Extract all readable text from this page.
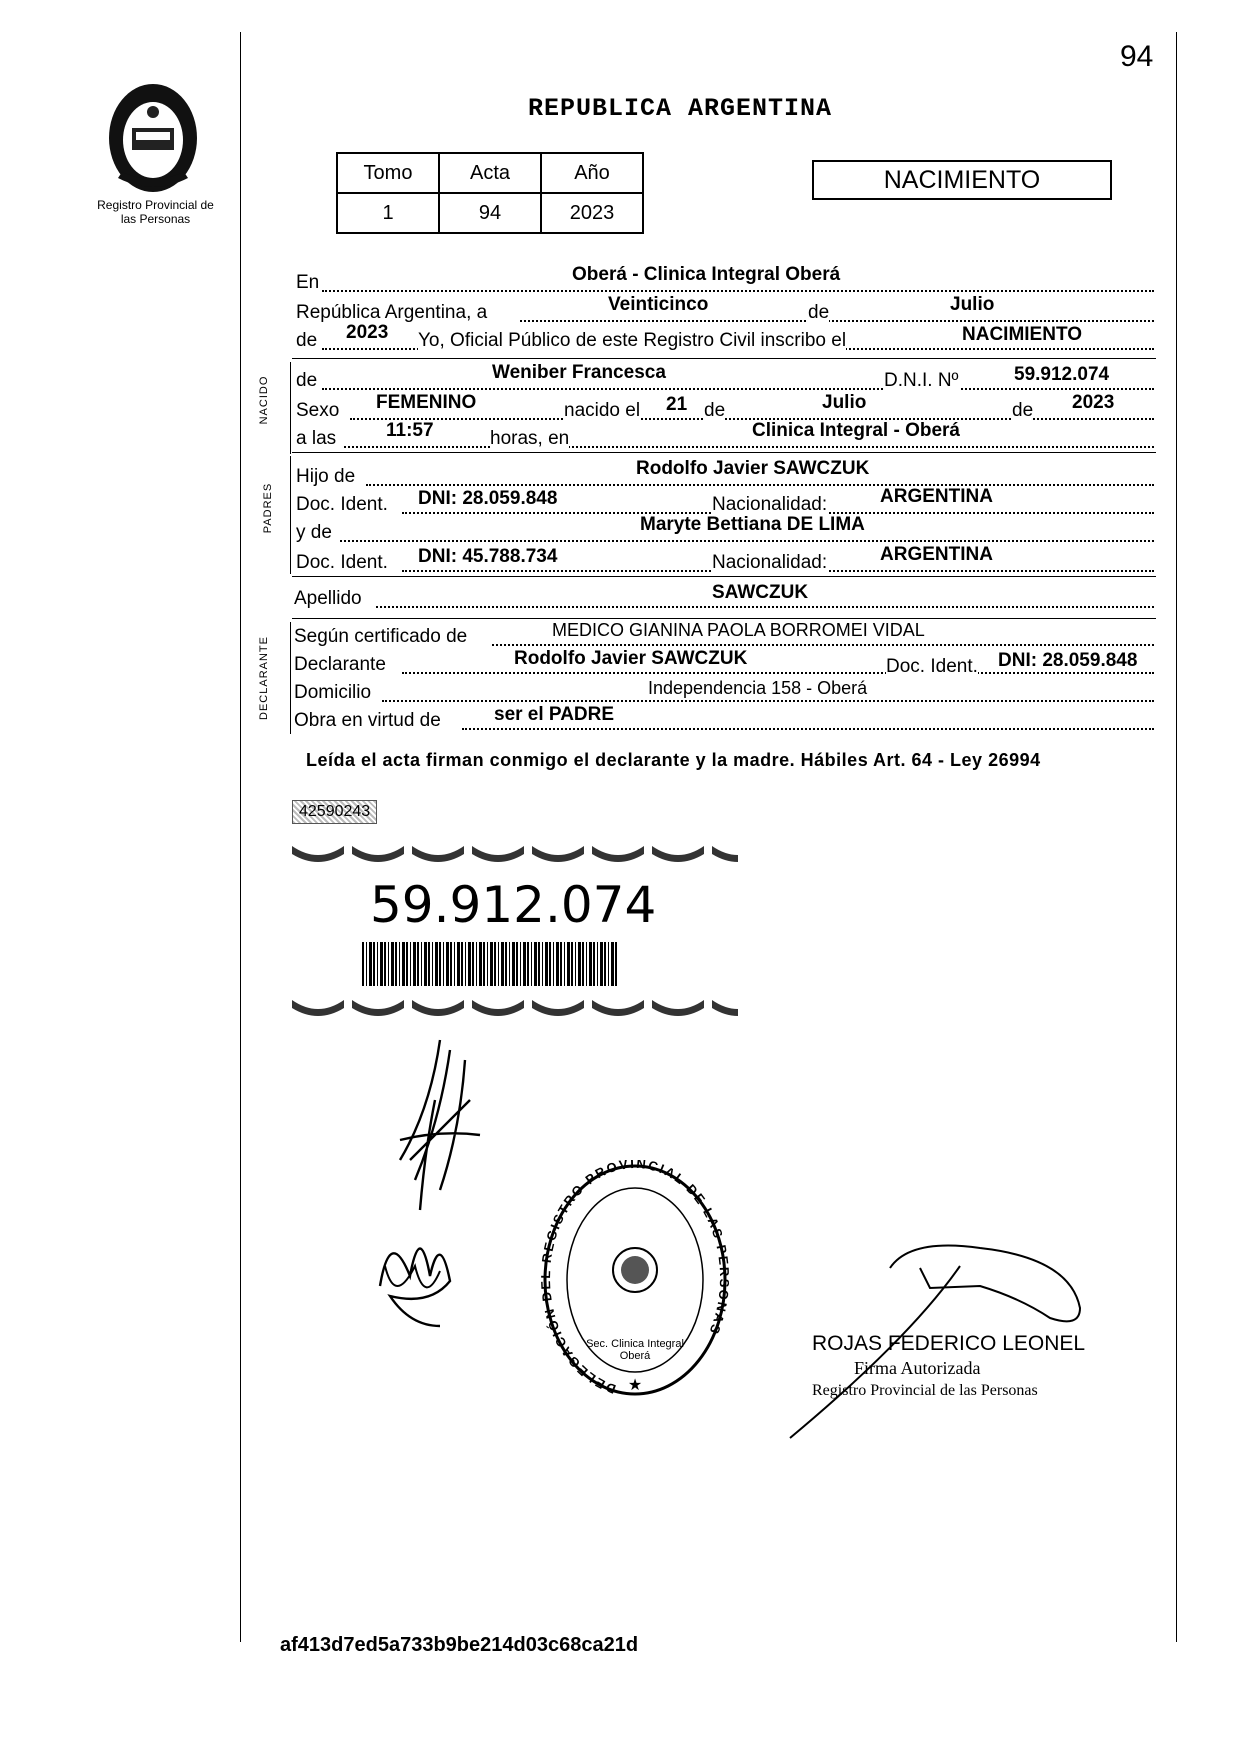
94
Registro Provincial de las Personas
REPUBLICA ARGENTINA
Tomo	Acta	Año
1	94	2023
NACIMIENTO
En	Oberá - Clinica Integral Oberá
República Argentina, a	Veinticinco	de	Julio
de 2023 Yo, Oficial Público de este Registro Civil inscribo el	NACIMIENTO
NACIDO de	Weniber Francesca	D.N.I. Nº	59.912.074
Sexo FEMENINO	nacido el 21 de	Julio	de 2023
a las	11:57	horas, en	Clinica Integral - Oberá
PADRES
Hijo de	Rodolfo Javier SAWCZUK
Doc. Ident. DNI: 28.059.848	Nacionalidad:	ARGENTINA
y de	Maryte Bettiana DE LIMA
Doc. Ident. DNI: 45.788.734	Nacionalidad:	ARGENTINA
Apellido	SAWCZUK
DECLARANTE Según certificado de	MEDICO GIANINA PAOLA BORROMEI VIDAL
Declarante	Rodolfo Javier SAWCZUK	Doc. Ident. DNI: 28.059.848
Domicilio	Independencia 158 - Oberá
Obra en virtud de	ser el PADRE
Leída el acta firman conmigo el declarante y la madre. Hábiles Art. 64 - Ley 26994
42590243
59.912.074
DELEGACIÓN D REGISTRO PROVINCIAL DE LAS P NAS
★
Sec. Clinica Integral Oberá
ROJAS FEDERICO LEONEL
Firma Autorizada
Registro Provincial de las Personas
af413d7ed5a733b9be214d03c68ca21d
